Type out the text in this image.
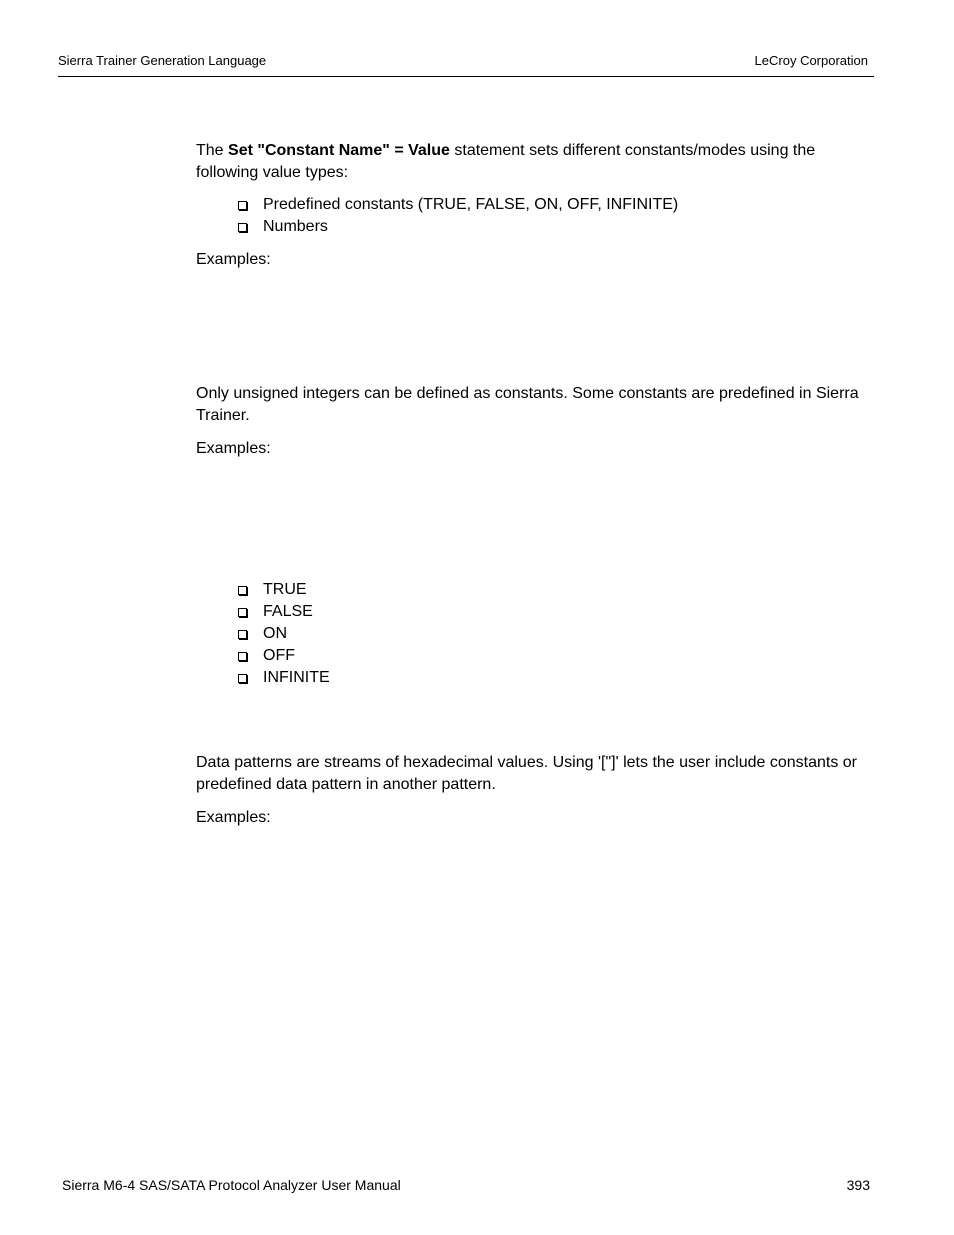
Sierra Trainer Generation Language	LeCroy Corporation

The Set "Constant Name" = Value statement sets different constants/modes using the following value types:

Predefined constants (TRUE, FALSE, ON, OFF, INFINITE)
Numbers

Examples:

Only unsigned integers can be defined as constants. Some constants are predefined in Sierra Trainer.

Examples:

TRUE
FALSE
ON
OFF
INFINITE

Data patterns are streams of hexadecimal values. Using '["]' lets the user include constants or predefined data pattern in another pattern.

Examples:

Sierra M6-4 SAS/SATA Protocol Analyzer User Manual	393
